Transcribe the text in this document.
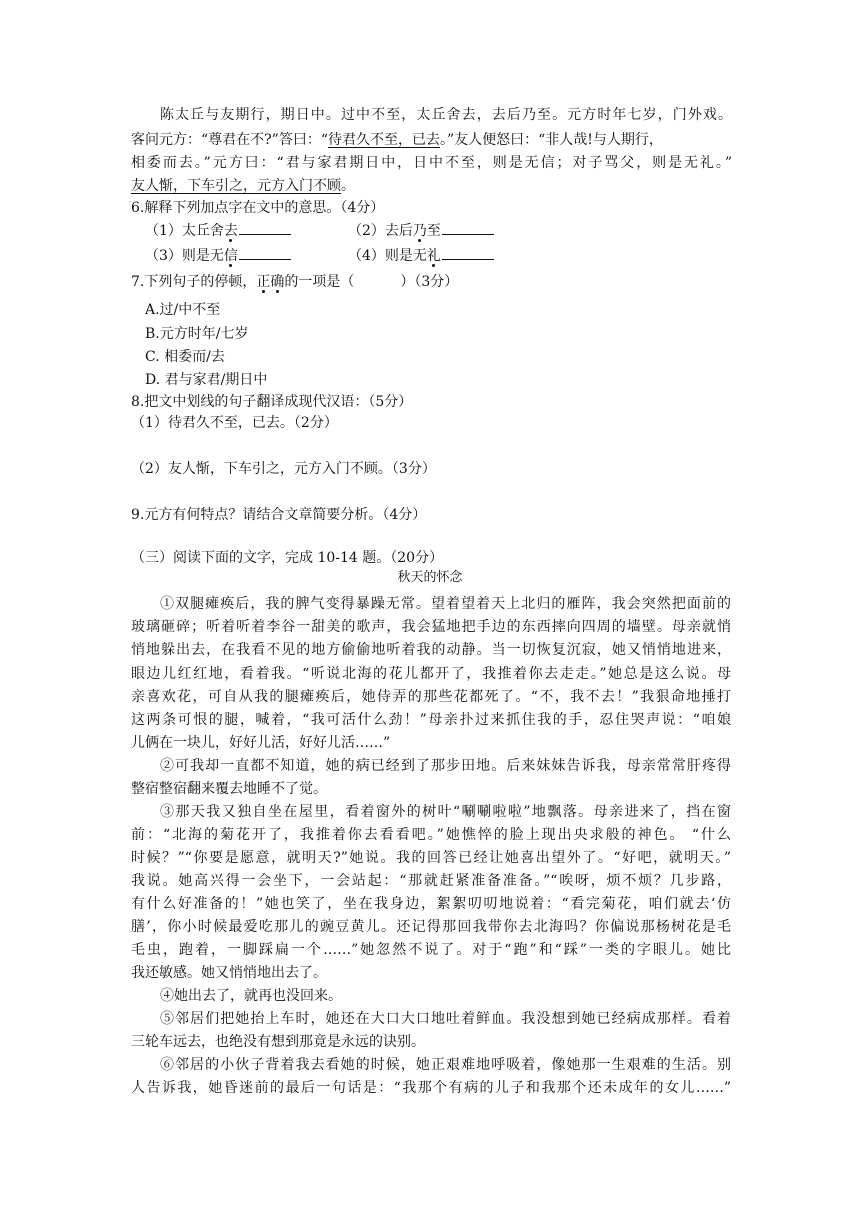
陈太丘与友期行，期日中。过中不至，太丘舍去，去后乃至。元方时年七岁，门外戏。
客问元方：“尊君在不?”答曰：“待君久不至，已去。”友人便怒曰：“非人哉!与人期行，
相委而去。”元方曰：“君与家君期日中，日中不至，则是无信；对子骂父，则是无礼。”
友人惭，下车引之，元方入门不顾。
6.解释下列加点字在文中的意思。（4分）
（1）太丘舍去	（2）去后乃至
（3）则是无信	（4）则是无礼
7.下列句子的停顿，正确的一项是（	）（3分）
A.过/中不至
B.元方时年/七岁
C. 相委而/去
D. 君与家君/期日中
8.把文中划线的句子翻译成现代汉语：（5分）
（1）待君久不至，已去。（2分）
（2）友人惭，下车引之，元方入门不顾。（3分）
9.元方有何特点？请结合文章简要分析。（4分）
（三）阅读下面的文字，完成 10-14 题。（20分）
秋天的怀念
①双腿瘫痪后，我的脾气变得暴躁无常。望着望着天上北归的雁阵，我会突然把面前的
玻璃砸碎；听着听着李谷一甜美的歌声，我会猛地把手边的东西摔向四周的墙壁。母亲就悄
悄地躲出去，在我看不见的地方偷偷地听着我的动静。当一切恢复沉寂，她又悄悄地进来，
眼边儿红红地，看着我。“听说北海的花儿都开了，我推着你去走走。”她总是这么说。母
亲喜欢花，可自从我的腿瘫痪后，她侍弄的那些花都死了。“不，我不去！”我狠命地捶打
这两条可恨的腿，喊着，“我可活什么劲！”母亲扑过来抓住我的手，忍住哭声说：“咱娘
儿俩在一块儿，好好儿活，好好儿活……”
②可我却一直都不知道，她的病已经到了那步田地。后来妹妹告诉我，母亲常常肝疼得
整宿整宿翻来覆去地睡不了觉。
③那天我又独自坐在屋里，看着窗外的树叶“唰唰啦啦”地飘落。母亲进来了，挡在窗
前：“北海的菊花开了，我推着你去看看吧。”她憔悴的脸上现出央求般的神色。 “什么
时候？”“你要是愿意，就明天?”她说。我的回答已经让她喜出望外了。“好吧，就明天。”
我说。她高兴得一会坐下，一会站起：“那就赶紧准备准备。”“唉呀，烦不烦？几步路，
有什么好准备的！”她也笑了，坐在我身边，絮絮叨叨地说着：“看完菊花，咱们就去‘仿
膳’，你小时候最爱吃那儿的豌豆黄儿。还记得那回我带你去北海吗？你偏说那杨树花是毛
毛虫，跑着，一脚踩扁一个……”她忽然不说了。对于“跑”和“踩”一类的字眼儿。她比
我还敏感。她又悄悄地出去了。
④她出去了，就再也没回来。
⑤邻居们把她抬上车时，她还在大口大口地吐着鲜血。我没想到她已经病成那样。看着
三轮车远去，也绝没有想到那竟是永远的诀别。
⑥邻居的小伙子背着我去看她的时候，她正艰难地呼吸着，像她那一生艰难的生活。别
人告诉我，她昏迷前的最后一句话是：“我那个有病的儿子和我那个还未成年的女儿……”
